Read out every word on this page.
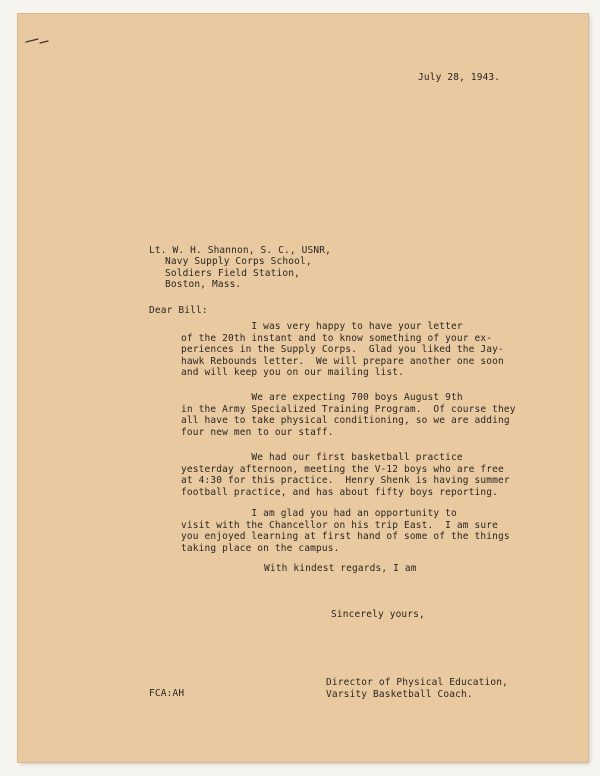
July 28, 1943.
Lt. W. H. Shannon, S. C., USNR,
Navy Supply Corps School,
Soldiers Field Station,
Boston, Mass.
Dear Bill:
I was very happy to have your letter
of the 20th instant and to know something of your ex-
periences in the Supply Corps.  Glad you liked the Jay-
hawk Rebounds letter.  We will prepare another one soon
and will keep you on our mailing list.
We are expecting 700 boys August 9th
in the Army Specialized Training Program.  Of course they
all have to take physical conditioning, so we are adding
four new men to our staff.
We had our first basketball practice
yesterday afternoon, meeting the V-12 boys who are free
at 4:30 for this practice.  Henry Shenk is having summer
football practice, and has about fifty boys reporting.
I am glad you had an opportunity to
visit with the Chancellor on his trip East.  I am sure
you enjoyed learning at first hand of some of the things
taking place on the campus.
With kindest regards, I am
Sincerely yours,
Director of Physical Education,
Varsity Basketball Coach.
FCA:AH
